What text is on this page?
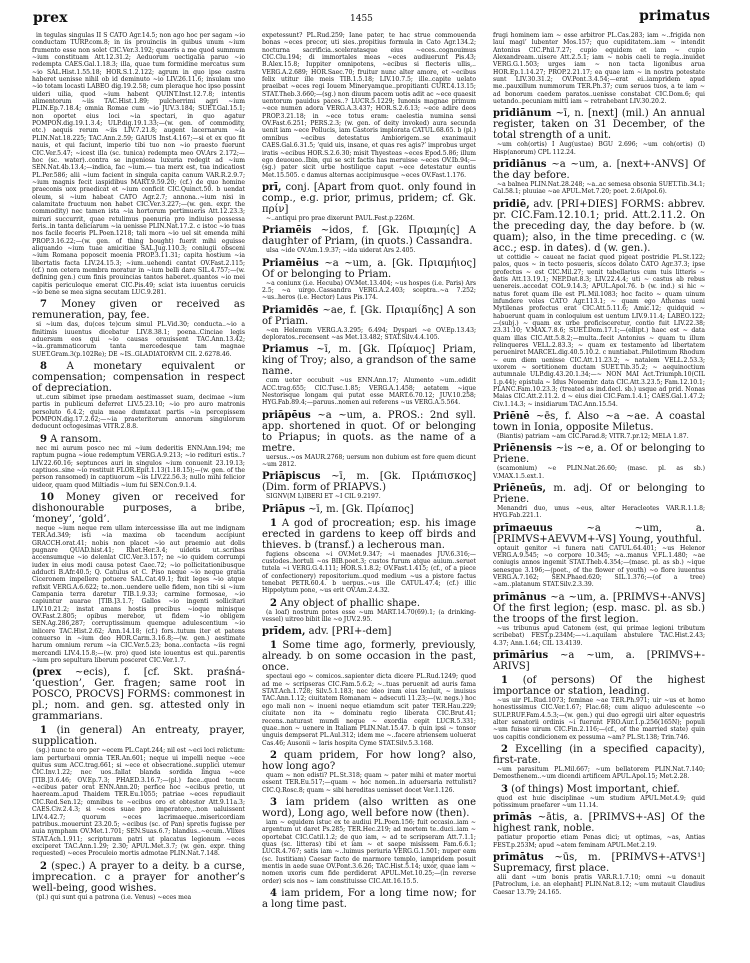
prex	1455	primatus

in tegulas singulas II S CATO Agr.14.5; non ago hoc per sagam ~io conductam TURP.com.8; in iis prouinciis in quibus unum ~ium frumento esse non solet CIC.Ver.3.192; quaeris a me quod summum ~ium constituam Att.12.31.2; Aeduorum uectigalia paruo ~io redempta CAES.Gal.1.18.3; illa, quae tum formidine mercatus sum ~io SAL.Hist.1.55.18; HOR.S.1.2.122; agrum in quo ipse castra haberet uenisse nihil ob id deminuto ~io LIV.26.11.6; insulam uno ~io totam locasti LABEO dig.19.2.58; cum pleraque hoc ipso possint uideri uilia, quod ~ium habent QUINT.Inst.12.7.8; intentis alimentorum ~iis TAC.Hist.1.89; pulcherrimi agri ~ium PLIN.Ep.7.18.4; omnia Romae cum ~io JUV.3.184; SUET.Gal.15.1; non oportet eius loci ~ia spectari, in quo agatur POMPON.dig.19.1.3.4; ULP.dig.19.1.33;—(w. gen. of commodity, etc.) aequis rerum ~iis LIV.7.21.8; augent lacernarum ~ia PLIN.Nat.18.225; TAC.Ann.2.59; GAIUS Inst.4.167;—si et ex quo fit nauis, et qui faciunt, imperio tibi tuo non ~io praesto fuerunt CIC.Ver.5.47; ~icest illa (sc. tunica) redempta meo OV.Ars 2.172;—hoc (sc. water)..contra se ingeniosa luxuria redegit ad ~ium SEN.Nat.4b.13.4;—indica, fac ~ium.— tua merx est, tua indicatiost PL.Per.586; alii ~ium facient in singula capita canum VAR.R.2.9.7; ~ium magnis fecit iaspidibus MART.9.59.20; (cf.) de quo homine praeconis uox praedicat et ~ium conficit CIC.Quinct.50. b uendat oleum, si ~ium habeat CATO Agr.2.7; annona..~ium nisi in calamitate fructuum non habet CIC.Ver.3.227;—(w. gen. expr. the commodity) nec tamen ista ~ia hortorum pertimueris Att.12.23.3; mirari succurrit, quae retulimus paenuria pro indiuiso possessa feris..in tanta deliciarum ~ia uenisse PLIN.Nat.17.2. c istoc ~io tuas nos facile feceris PL.Poen.1218; tali mora ~io uel sit emenda mihi PROP.3.16.22;—(w. gen. of thing bought) fuerit mihi eguisse aliquando ~ium tuae amicitiae SAL.Jug.110.3; coniugii obsceni ~ium Romana poposcit moenia PROP.3.11.31; capita hostium ~ia libertatis facta LIV.24.15.3; ~ium..uehendi cantat OV.Fast.2.115; (cf.) non cetera membra moratur in ~ium belli dare SIL.4.757;—(w. defining gen.) cum finis prouincias tantos haberet..quantos ~io mei capitis periculoque emerat CIC.Pis.49; sciat ista iuuentus ceruicis ~io bene se mea signa secutam LUC.9.281.

7 Money given or received as remuneration, pay, fee.

si ~ium das, du(ces te)cum simul PL.Vid.30; conducta..~io a finitimis iuuentus dicebatur LIV.8.38.1; poena..Cinciae legis aduersum eos qui ~io causas orauissent TAC.Ann.13.42; ~ia..grammaticorum tanta mercedesque tam magnae SUET.Gram.3(p.102Re); DE ~IS..GLADIATORVM CIL 2.6278.46.

8 A monetary equivalent or compensation; compensation in respect of depreciation.

ut..cum sibimet ipse praedam aestimasset suam, decimae ~ium partis in publicum deferret LIV.5.23.10; ~io pro auro matronis persoluto 6.4.2; quia meae dumtaxat partis ~ia percepissem POMPON.dig.17.2.62;—~ia praeteritorum annorum singulorum deducunt octogesimas VITR.2.8.8.

9 A ransom.

nec mi aurum posco nec mi ~ium dederitis ENN.Ann.194; me raptum pugna ~ioue redemptum VERG.A.9.213; ~io rediturі estis..? LIV.22.60.16; septunces auri in singulos ~ium conuenit 23.19.13; captiuos..sine ~io restituit FLOR.Epit.1.13(1.18.15);—(w. gen. of the person ransomed) in captiuorum ~iis LIV.22.56.3; nullo mihi felicior uideor, quam quod Miltiadis ~ium fui SEN.Con.9.1.4.

10 Money given or received for dishonourable purposes, a bribe, ‘money’, ‘gold’.

neque ~ium neque rem ullam intercessisse illa aut me indignam TER.Ad.349; isti ~ia maxima ob tacendum accipiunt GRACCH.orat.41; nobis non placet ~io aut praemio aut dolis pugnare QUAD.hist.41; Rhet.Her.3.4; uidetis ut..scribas accensumque ~io delenlat CIC.Ver.3.157; ne ~io quidem corrumpi iudex in eius modi causa potest Caec.72; ~io pollicitationibusque adducti B.Afr.40.5; Q. Catulus et C. Piso neque ~io neque gratia Ciceronem impellere potuere SAL.Cat.49.1; fixit leges ~io atque refixit VERG.A.6.622; te..non..uendere uelle fidem, non tibi si ~ium Campania terra daretur TIB.1.9.33; carmine formosae, ~io capiuntur auarae [TIB.]3.1.7; Gallos ~io ingenti sollicitari LIV.10.21.2; instat amans hostis precibus ~ioque minisque OV.Fast.2.805; opibus merebor, ut fidem ~io obligem SEN.Ag.286,287; corruptissimum quemque adulescentium ~io inlicere TAC.Hist.2.62; Ann.14.18; (cf.) fors..tutum iter et patens conuerso in ~ium deo HOR.Carm.3.16.8;—(w. gen.) aestimate harum omnium rerum ~ia CIC.Ver.5.23; bona..contacta ~iis regni mercandi LIV.4.15.8;—(w. pro) quod iste iouentus est qui..parentis ~ium pro sepultura liberum posceret CIC.Ver.1.7.

(prex ~ecis), f. [cf. Skt. praśná- ‘question’, Ger. fragen; same root in POSCO, PROCVS] FORMS: commonest in pl.; nom. and gen. sg. attested only in grammarians.

1 (in general) An entreaty, prayer, supplication.

(sg.) nunc te oro per ~ecem PL.Capt.244; nil est ~eci loci relictum: iam perturbaui omnia TER.An.601; neque ui impelli neque ~ece quitus sum ACC.trag.661; si ~ece et obsecratione..supplici utemur CIC.Inv.1.22; nec uos..fallat blanda sordida lingua ~ece [TIB.]3.6.46; OV.Ep.7.3; PHAED.3.16.7;—(pl.) face..quod tecum ~ecibus pater orat ENN.Ann.20; perfice hoc ~ecibus pretio, ut haeream..apud Thaidem TER.Eu.1055; patriae ~eces repudiauit CIC.Red.Sen.12; omnibus te ~ecibus oro et obtestor Att.9.11a.3; CAES.Civ.2.4.3; si ~eces suae pro imperatore,..non ualuissent LIV.4.42.7; quorum ~eces lacrimaeque..misericordiam patribus..mouerunt 23.20.5; ~ecibus (sc. of Pan) spretis fugisse per auia nympham OV.Met.1.701; SEN.Suas.6.7; blandus..~ecum..Vlixes STAT.Ach.1.911; scripturam patri ut placatus legionum ~eces exciperet TAC.Ann.1.29; 2.30; APUL.Met.3.7; (w. gen. expr. thing requested) ~eces Proculeio mortis admotae PLIN.Nat.7.148.

2 (spec.) A prayer to a deity. b a curse, imprecation. c a prayer for another’s well-being, good wishes.

(pl.) qui sunt qui a patrona (i.e. Venus) ~eces mea

expetessunt? PL.Rud.259; Iane pater, te hac strue commouenda bonas ~eces precor, uti sies..propitius formula in Cato Agr.134.2; nocturna sacrificia..sceleratasque eius ~eces..cognouimus CIC.Clu.194; di immortales meas ~eces audiuerunt Pis.43; B.Alex.15.8; Iuppiter omnipotens, ~ecibus si flecteris ullis,.. VERG.A.2.689; HOR.Saec.70; fruitur nunc alter amore, et ~ecibus felix utitur ille meis TIB.1.5.18; LIV.10.7.5; ille..capite uelato praeibat ~eces regi Iouem Minerуamque..propitianti CURT.4.13.15; STAT.Theb.3.660;—(sg.) non diuum pacem uotis adit ac ~ece quaesit uentorum pauidus paces..? LUCR.5.1229; Iunonis magnae primum ~ece numen adora VERG.A.3.437; HOR.S.2.6.13; ~ece adire deos PROP.3.21.18; in ~ece totus eram: caelestia numina sensi OV.Fast.6.251; PERS.2.3; (w. gen. of deity invoked) aura secunda uenit iam ~ece Pollucis, iam Castoris implorata CATUL.68.65. b (pl.) omnibus ~ecibus detestatus Ambiorigem..se exanimauit CAES.Gal.6.31.5; ‘quid uis, insane, et quas res agis?’ improbus urget iratis ~ecibus HOR.S.2.6.30; misit Thyesteas ~eces Epod.5.86; illum ego deuoueo..Ibin, qui se scit factis has meruisse ~eces OV.Ib.94;—(sg.) pater sicit urbe hostilique caput ~ece detestatur euntis Met.15.505. c damus alternas accipimusque ~eces OV.Fast.1.176.

prī, conj. [Apart from quot. only found in comp., e.g. prior, primus, pridem; cf. Gk. πρίν]

~..antiqui pro prae dixerunt PAUL.Fest.p.226M.

Priamēis ~idos, f. [Gk. Πριαμηίς] A daughter of Priam, (in quots.) Cassandra.

ulsa ~ide OV.Am.1.9.37; ~ida uiderat Ars 2.405.

Priamēius ~a ~um, a. [Gk. Πριαμήιος] Of or belonging to Priam.

~a coniunx (i.e. Hecuba) OV.Met.13.404; ~us hospes (i.e. Paris) Ars 2.5; ~a uirgo..Cassandra VERG.A.2.403; sceptra..~a 7.252; ~us..heros (i.e. Hector) Laus Pis.174.

Priamidēs ~ae, f. [Gk. Πριαμίδης] A son of Priam.

~en Helenum VERG.A.3.295; 6.494; Dyspari ~e OV.Ep.13.43; deploratos..recensent ~as Met.13.482; STAT.Silv.4.4.105.

Priamus ~ī, m. [Gk. Πρίαμος] Priam, king of Troy; also, a grandson of the same name.

cum ueter occubuit ~us ENN.Ann.17; Alumento ~um..edidit ACC.trag.655; CIC.Tusc.1.85; VERG.A.1.458; aetatem ~ique Nestorisque longam qui putat esse MART.6.70.12; JUV.10.258; HYG.Fab.89.4;—paruus..nomen aui referens ~us VERG.A.5.564.

priāpēus ~a ~um, a. PROS.: 2nd syll. app. shortened in quot. Of or belonging to Priapus; in quots. as the name of a metre.

uersus..~os MAUR.2768; uersum non dubium est fore quem dicunt ~um 2812.

Priāpiscus ~ī, m. [Gk. Πριάπισκος] (Dim. form of PRIAPVS.)

SIGNV(M L)IBERI ET ~I CIL 9.2197.

Priāpus ~ī, m. [Gk. Πρίαπος]

1 A god of procreation; esp. his image erected in gardens to keep off birds and thieves. b (transf.) a lecherous man.

fugiens obscena ~i OV.Met.9.347; ~i maenades JUV.6.316;—custodes..hortuli ~os BIB.poet.3; custos furum atque auium..seruet tutela ~i VERG.G.4.111; HOR.S.1.8.2; OV.Fast.1.415; (cf., of a piece of confectionery) repositorium..quod medium ~us a pistore factus tenebat PETR.60.4. b uerpus..~us ille CATUL.47.4; (cf.) illic Hippolytum pone, ~us erit OV.Am.2.4.32.

2 Any object of phallic shape.

(a loaf) nostrum potes esse ~um MART.14.70(69).1; (a drinking-vessel) uitreo bibit ille ~o JUV.2.95.

prīdem, adv. [PRI+-dem]

1 Some time ago, formerly, previously, already. b on some occasion in the past, once.

spectaui ego ~ comicos..sapienter dicta dicere PL.Rud.1249; quod ad me ~ scripseras CIC.Fam.5.6.2; ~..tuas peruenit ad auris fama STAT.Ach.1.728; Silv.5.1.183; nec ideo iram eius lenluit, ~ inuisus TAC.Ann.1.12; ciuitatem Romanam ~ adsecuti 11.23;—(w. negs.) hoc ego mali non ~ inueni neque etiamdum scit pater TER.Hau.229; ciuitate non ita ~ dominatu regio liberata CIC.Brut.41; recens..naturast mundi neque ~ exordia cepit LUCR.5.331; quae..non ~ uenere in Italiam PLIN.Nat.15.47. b quin ipsi ~ tonsor unguis dempserat PL.Aul.312; idem me ~..facere atriensem uoluerat Cas.46; Ausonii ~ laris hospita Cyme STAT.Silv.5.3.168.

2 quam pridem, For how long? also, how long ago?

quam ~ non edisti? PL.St.318; quam ~ pater mihi et mater mortui essent TER.Eu.517;—quam ~ hoc nomen..in aduersaria rettulisti? CIC.Q.Rosc.8; quam ~ sibi hereditas uenisset docet Ver.1.126.

3 iam pridem (also written as one word), Long ago, well before now (then).

iam ~ equidem istuc ex te audiui PL.Poen.156; fuit occasio..iam ~ argentum ut daret Ps.285; TER.Hec.219; ad mortem te..duci..iam ~ oportebat CIC.Catil.1.2; de quo iam, ~ ad te scripseram Att.7.1.1; quas (sc. litteras) tibi et iam ~ et saepe misissem Fam.6.6.1; LUCR.4.767; satis iam ~..luimus periuria VERG.G.1.501; nuper eam (sc. Iustitiam) Caesar facto de marmore templo, iampridem posuit mentis in aede suae OV.Pont.3.6.26; TAC.Hist.5.14; uxor, quae iam ~ nomen uxoris cum fide perdiderat APUL.Met.10.25;—(in reverse order) scis nos ~ iam constituisse CIC.Att.16.15.5.

4 iam pridem, For a long time now; for a long time past.

frugi hominem iam ~ esse arbitror PL.Cas.283; iam ~..frigida non laui magi’ lubenter Mos.157; quo cupiditatem..iam ~ intendit Antonius CIC.Phil.7.27; cupio equidem et iam ~ cupio Alexandream..uisere Att.2.5.1; iam ~ nobis caeli te regia..inuidet VERG.G.1.503; urges iam ~ non tacta ligonibus arua HOR.Ep.1.14.27; PROP.2.21.17; ea quae iam ~ in nostra potestate sunt LIV.30.31.2; OV.Pont.3.4.54;—erat ei..iampridem apud me..pauxillum nummorum TER.Ph.37; cum seruos tuos, a te iam ~ ad bonorum caedem paratos..uenisse constabat CIC.Dom.6; qui uetando..pecuniam mitti iam ~ retrahebant LIV.30.20.2.

prīdiānum ~ī, n. [next] (mil.) An annual register, taken on 31 December, of the total strength of a unit.

~um coh(ortis) I Aug(ustae) BGU 2.696; ~um coh(ortis) (I) Hisp(anorum) CPL 112.24.

prīdiānus ~a ~um, a. [next+-ANVS] Of the day before.

~a balnea PLIN.Nat.28.248; ~a..ac semesa obsonia SUET.Tib.34.1; Cal.58.1; pluuiae ~ae APUL.Met.7.20; poet. 2.6(Apol.6).

prīdiē, adv. [PRI+DIES] FORMS: abbrev. pr. CIC.Fam.12.10.1; prid. Att.2.11.2. On the preceding day, the day before. b (w. quam); also, in the time preceding. c (w. acc.; esp. in dates). d (w. gen.).

ut cottidie ~ caueat ne faciat quod pigeat postridie PL.St.122; palos, quos ~ in tecto posueris, siccos dolato CATO Agr.37.3; ipse profectus ~ est CIC.Mil.27; uenit tabellarius cum tuis litteris ~ datis Att.13.19.1; NEP.Dat.8.3; LIV.22.4.4; uti ~ castus ab rebus uenereis..accedat COL.9.14.3; APUL.Apol.76. b (w. ind.) si hic ~ natus foret quam ille est PL.Mil.1083; hoc facito ~ quam uinum infundere voles CATO Agr.113.1; ~ quam ego Athenas ueni Mytilenas profectus erat CIC.Att.5.11.6; Amic.12; quidquid ~ habuerunt quam in conloquium est uentum LIV.9.11.4; LABEO.122;—(subj.) ~ quam ex urbe proficisceretur, contio fuit LIV.22.38; 23.31.10; V.MAX.7.8.6; SUET.Dom.17.1;—(ellipt.) haec est ~ data quam illas CIC.Att.5.8.2;—multa..fecit Antonius ~ quam tu illum relinqueres VELL.2.83.3; ~ quam ex testamento ad libertatem perueniret MARCEL.dig.40.5.10.2. c nuntiabat..Philotimum Rhodum ~ eum diem uenisse CIC.Att.11.23.2; ~ natalem VELL.2.53.3; uxorem ~ sortitionem ductam SUET.Tib.35.2; ~ aequinoctium autumnale ULP.dig.43.20.1.34;—~ NON MAI Act.Triumph.10(CIL 1.p.44); epistula ~ Idus Nouembr. data CIC.Att.3.23.5; Fam.12.10.1; PLANC.Fam.10.23.3; (treated as ind.decl. sb.) usque ad prid. Nonas Maias CIC.Att.2.11.2. d ~ eius diei CIC.Fam.1.4.1; CAES.Gal.1.47.2; Civ.1.14.3; ~ insidiarum TAC.Ann.15.54.

Priēnē ~ēs, f. Also ~a ~ae. A coastal town in Ionia, opposite Miletus.

(Biantis) patriam ~am CIC.Parad.8; VITR.7.pr.12; MELA 1.87.

Priēnensis ~is ~e, a. Of or belonging to Priene.

(scamonium) ~e PLIN.Nat.26.60; (masc. pl. as sb.) V.MAX.1.5.ext.1.

Priēneūs, m. adj. Of or belonging to Priene.

Menandri duo, unus ~eus, alter Heracleotes VAR.R.1.1.8; HYG.Fab.221.1.

prīmaeuus	~a ~um, a. [PRIMVS+AEVVM+-VS] Young, youthful.

optauit genitor ~i funera nati CATUL.64.401; ~us Helenor VERG.A.9.545; ~o corpore 10.345; ~a..manus V.FL.1.480; ~ae coniugis annos ingemit STAT.Theb.4.354;—(masc. pl. as sb.) ~ique senesque 3.196;—(poet., of the flower of youth) ~o flore iuuentus VERG.A.7.162; SEN.Phaed.620; SIL.1.376;—(of a tree) ~am..platanum STAT.Silv.2.3.39.

prīmānus ~a ~um, a. [PRIMVS+-ANVS] Of the first legion; (esp. masc. pl. as sb.) the troops of the first legion.

~us tribunus apud Catonem (est, qui primae legioni tributum scribebat) FEST.p.234M;—~i..aquilam abstulere TAC.Hist.2.43; 4.37; Ann.1.64; CIL 13.4139.

prīmārius ~a ~um, a. [PRIMVS+-ARIVS]

1 (of persons) Of the highest importance or station, leading.

~us uir PL.Rud.1073; feminae ~ae TER.Ph.971; uir ~us et homo honestissimus CIC.Ver.1.67; Flac.68; cum aliquo adulescente ~o SULP.RUF.Fam.4.5.3;—(w. gen.) qui duo egregii uiri alter equestris alter senatorii ordinis ~i fuerunt FRO.Aur.1.p.256(165N); populi ~um fuisse uirum CIC.Fin.2.116;—(cf., of the married state) quin uos capitis condicionem ex pessuma ~am? PL.St.138; Trin.746.

2 Excelling (in a specified capacity), first-rate.

~um parasitum PL.Mil.667; ~um bellatorem PLIN.Nat.7.140; Demosthenem..~um dicendi artificem APUL.Apol.15; Met.2.28.

3 (of things) Most important, chief.

quod est huic disciplinae ~um studium APUL.Met.4.9; quid potissimum praefarer ~um 11.14.

prīmās ~ātis, a. [PRIMVS+-AS] Of the highest rank, noble.

patiatur proportio etiam Penas dici; ut optimas, ~as, Antias FEST.p.253M; apud ~atem feminam APUL.Met.2.19.

prīmātus ~ūs, m. [PRIMVS+-ATVS¹] Supremacy, first place.

alii dant ~um bonis pratis VAR.R.1.7.10; omni ~u donauit [Patroclum, i.e. an elephant] PLIN.Nat.8.12; ~um mutauit Claudius Caesar 13.79; 24.165.
